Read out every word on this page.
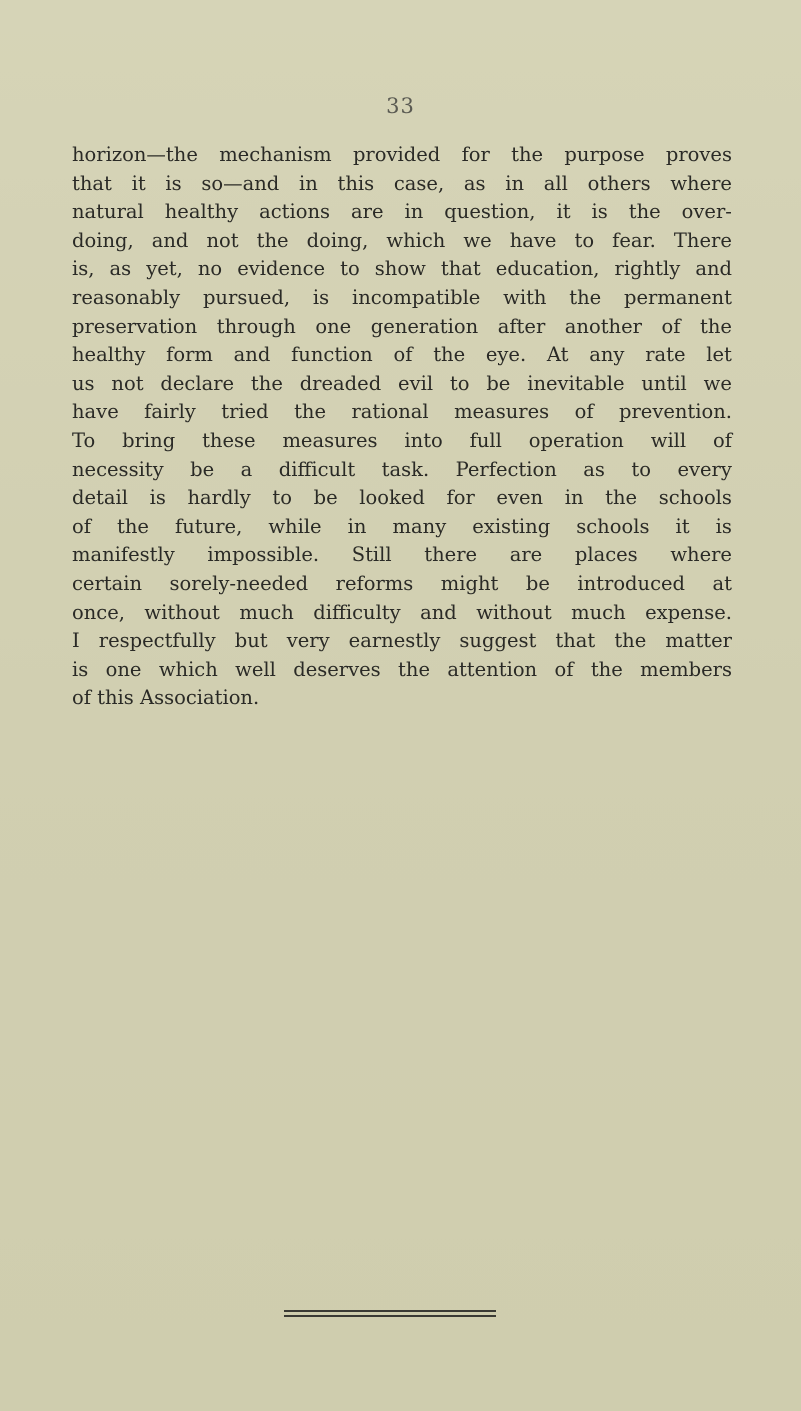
33
horizon—the mechanism provided for the purpose proves
that it is so—and in this case, as in all others where
natural healthy actions are in question, it is the over-
doing, and not the doing, which we have to fear. There
is, as yet, no evidence to show that education, rightly and
reasonably pursued, is incompatible with the permanent
preservation through one generation after another of the
healthy form and function of the eye. At any rate let
us not declare the dreaded evil to be inevitable until we
have fairly tried the rational measures of prevention.
To bring these measures into full operation will of
necessity be a difficult task. Perfection as to every
detail is hardly to be looked for even in the schools
of the future, while in many existing schools it is
manifestly impossible. Still there are places where
certain sorely-needed reforms might be introduced at
once, without much difficulty and without much expense.
I respectfully but very earnestly suggest that the matter
is one which well deserves the attention of the members
of this Association.
